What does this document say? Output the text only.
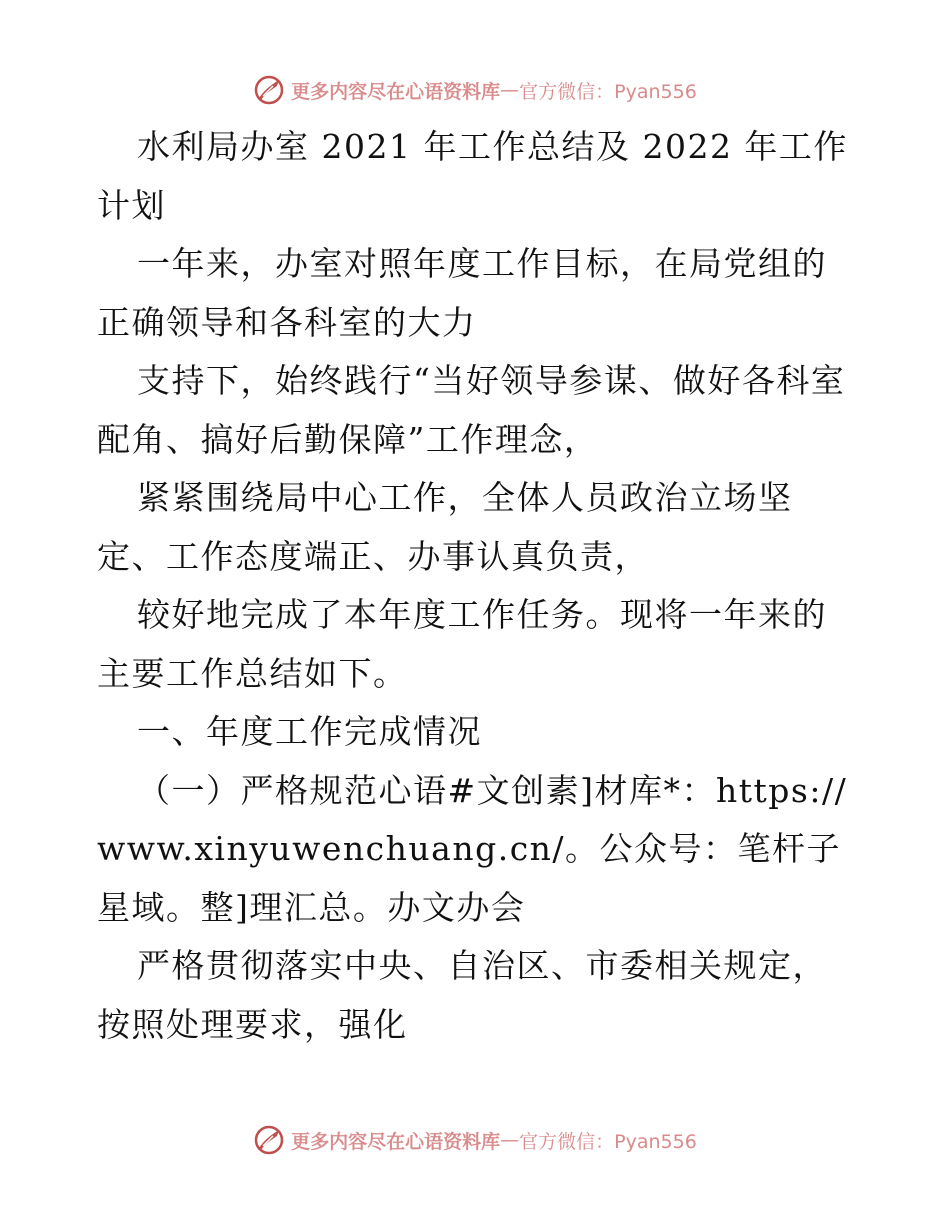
更多内容尽在心语资料库 — 官方微信：Pyan556

水利局办室 2021 年工作总结及 2022 年工作计划

一年来，办室对照年度工作目标，在局党组的正确领导和各科室的大力

支持下，始终践行“当好领导参谋、做好各科室配角、搞好后勤保障”工作理念，

紧紧围绕局中心工作，全体人员政治立场坚定、工作态度端正、办事认真负责，

较好地完成了本年度工作任务。现将一年来的主要工作总结如下。

一、年度工作完成情况

（一）严格规范心语#文创素]材库*：https://www.xinyuwenchuang.cn/。公众号：笔杆子星域。整]理汇总。办文办会

严格贯彻落实中央、自治区、市委相关规定，按照处理要求，强化

更多内容尽在心语资料库 — 官方微信：Pyan556
